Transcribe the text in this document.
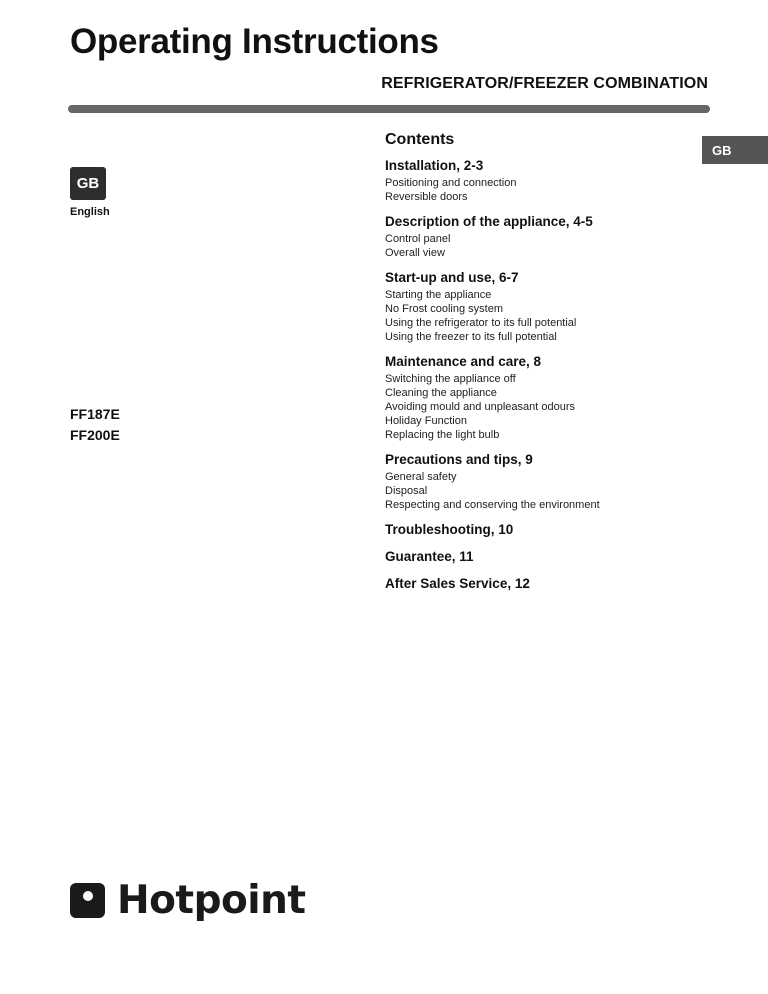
Operating Instructions
REFRIGERATOR/FREEZER COMBINATION
GB
GB
English
FF187E
FF200E
Contents
Installation, 2-3
Positioning and connection
Reversible doors
Description of the appliance, 4-5
Control panel
Overall view
Start-up and use, 6-7
Starting the appliance
No Frost cooling system
Using the refrigerator to its full potential
Using the freezer to its full potential
Maintenance and care, 8
Switching the appliance off
Cleaning the appliance
Avoiding mould and unpleasant odours
Holiday Function
Replacing the light bulb
Precautions and tips, 9
General safety
Disposal
Respecting and conserving the environment
Troubleshooting, 10
Guarantee, 11
After Sales Service, 12
Hotpoint
